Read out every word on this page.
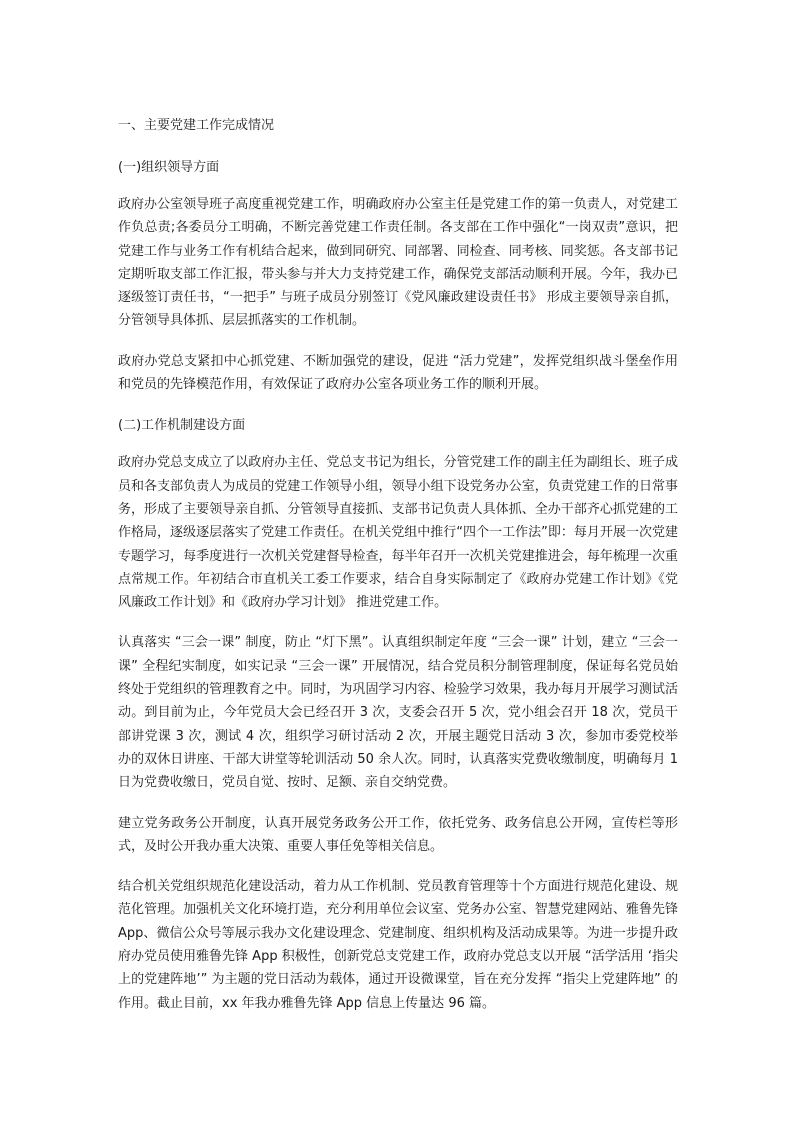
一、主要党建工作完成情况

(一)组织领导方面

政府办公室领导班子高度重视党建工作，明确政府办公室主任是党建工作的第一负责人，对党建工作负总责;各委员分工明确，不断完善党建工作责任制。各支部在工作中强化“一岗双责”意识，把党建工作与业务工作有机结合起来，做到同研究、同部署、同检查、同考核、同奖惩。各支部书记定期听取支部工作汇报，带头参与并大力支持党建工作，确保党支部活动顺利开展。今年，我办已逐级签订责任书，“一把手” 与班子成员分别签订《党风廉政建设责任书》 形成主要领导亲自抓，分管领导具体抓、层层抓落实的工作机制。

政府办党总支紧扣中心抓党建、不断加强党的建设，促进 “活力党建”，发挥党组织战斗堡垒作用和党员的先锋模范作用，有效保证了政府办公室各项业务工作的顺利开展。

(二)工作机制建设方面

政府办党总支成立了以政府办主任、党总支书记为组长，分管党建工作的副主任为副组长、班子成员和各支部负责人为成员的党建工作领导小组，领导小组下设党务办公室，负责党建工作的日常事务，形成了主要领导亲自抓、分管领导直接抓、支部书记负责人具体抓、全办干部齐心抓党建的工作格局，逐级逐层落实了党建工作责任。在机关党组中推行“四个一工作法”即：每月开展一次党建专题学习，每季度进行一次机关党建督导检查，每半年召开一次机关党建推进会，每年梳理一次重点常规工作。年初结合市直机关工委工作要求，结合自身实际制定了《政府办党建工作计划》《党风廉政工作计划》和《政府办学习计划》 推进党建工作。

认真落实 “三会一课” 制度，防止 “灯下黑”。认真组织制定年度 “三会一课” 计划，建立 “三会一课” 全程纪实制度，如实记录 “三会一课” 开展情况，结合党员积分制管理制度，保证每名党员始终处于党组织的管理教育之中。同时，为巩固学习内容、检验学习效果，我办每月开展学习测试活动。到目前为止，今年党员大会已经召开 3 次，支委会召开 5 次，党小组会召开 18 次，党员干部讲党课 3 次，测试 4 次，组织学习研讨活动 2 次，开展主题党日活动 3 次，参加市委党校举办的双休日讲座、干部大讲堂等轮训活动 50 余人次。同时，认真落实党费收缴制度，明确每月 1 日为党费收缴日，党员自觉、按时、足额、亲自交纳党费。

建立党务政务公开制度，认真开展党务政务公开工作，依托党务、政务信息公开网，宣传栏等形式，及时公开我办重大决策、重要人事任免等相关信息。

结合机关党组织规范化建设活动，着力从工作机制、党员教育管理等十个方面进行规范化建设、规范化管理。加强机关文化环境打造，充分利用单位会议室、党务办公室、智慧党建网站、雅鲁先锋 App、微信公众号等展示我办文化建设理念、党建制度、组织机构及活动成果等。为进一步提升政府办党员使用雅鲁先锋 App 积极性，创新党总支党建工作，政府办党总支以开展 “活学活用 ‘指尖上的党建阵地’” 为主题的党日活动为载体，通过开设微课堂，旨在充分发挥 “指尖上党建阵地” 的作用。截止目前，xx 年我办雅鲁先锋 App 信息上传量达 96 篇。
